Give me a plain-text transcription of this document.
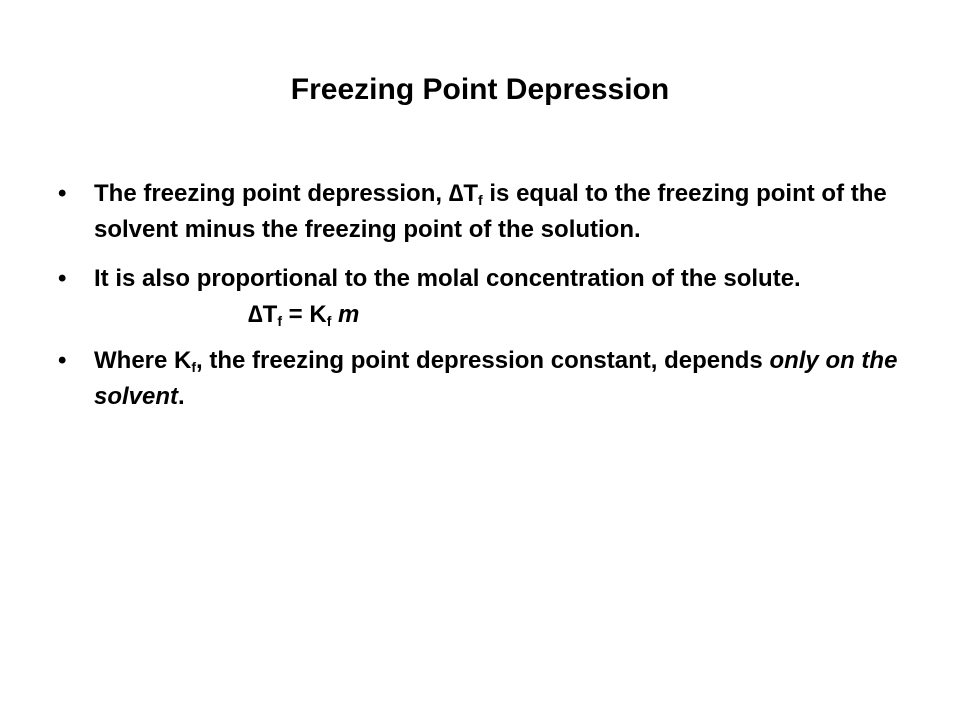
Freezing Point Depression
• The freezing point depression, $\Delta T_f$ is equal to the freezing point of the solvent minus the freezing point of the solution.
• It is also proportional to the molal concentration of the solute.
$\Delta T_f = K_f$ m
• Where $K_f$, the freezing point depression constant, depends only on the solvent.
